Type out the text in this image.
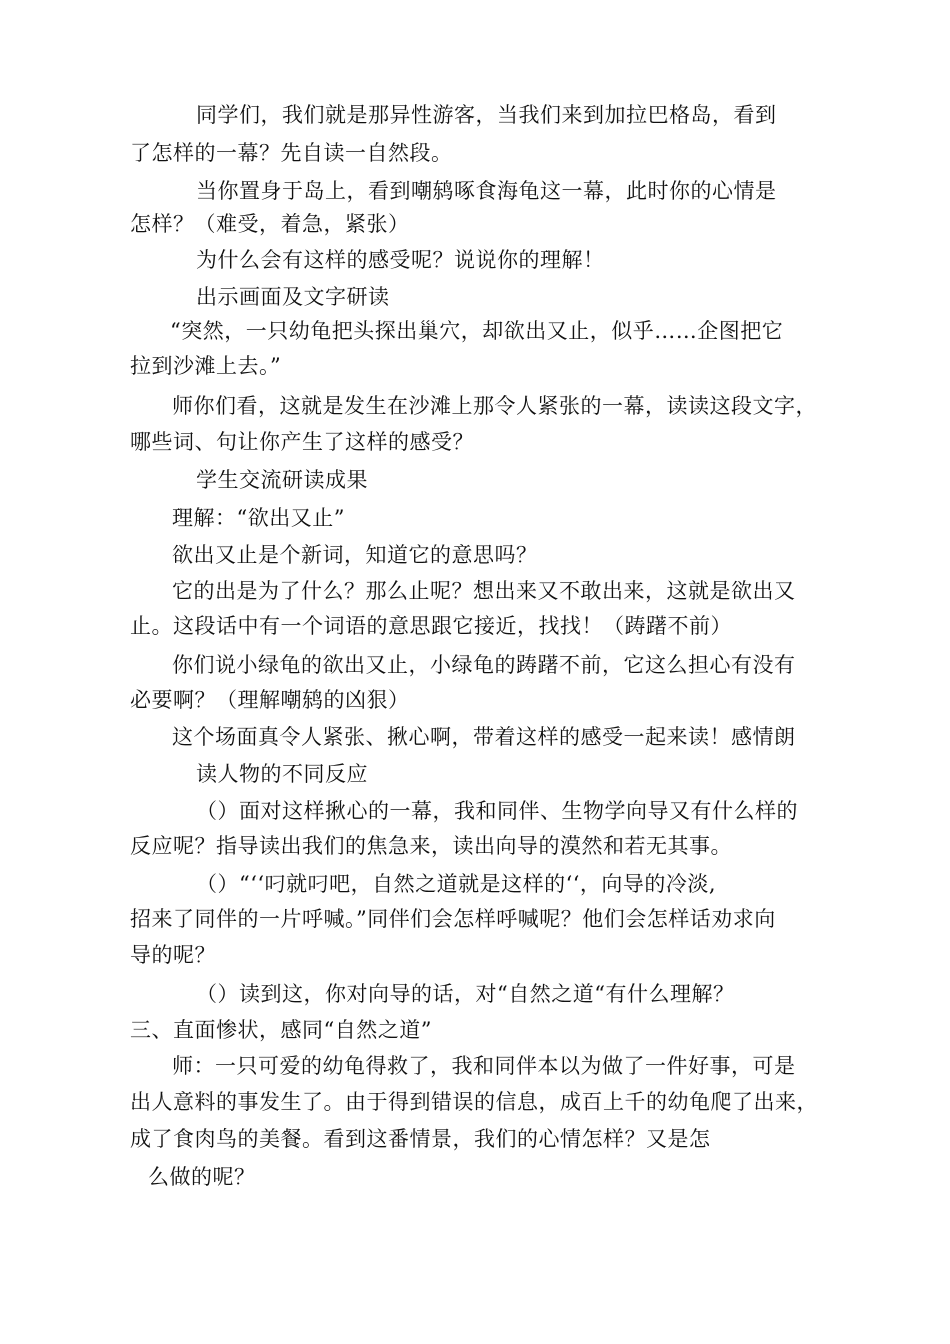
同学们，我们就是那异性游客，当我们来到加拉巴格岛，看到
了怎样的一幕？先自读一自然段。
当你置身于岛上，看到嘲鸫啄食海龟这一幕，此时你的心情是
怎样？（难受，着急，紧张）
为什么会有这样的感受呢？说说你的理解！
出示画面及文字研读
“突然，一只幼龟把头探出巢穴，却欲出又止，似乎……企图把它
拉到沙滩上去。”
师你们看，这就是发生在沙滩上那令人紧张的一幕，读读这段文字，
哪些词、句让你产生了这样的感受？
学生交流研读成果
理解：“欲出又止”
欲出又止是个新词，知道它的意思吗？
它的出是为了什么？那么止呢？想出来又不敢出来，这就是欲出又
止。这段话中有一个词语的意思跟它接近，找找！（踌躇不前）
你们说小绿龟的欲出又止，小绿龟的踌躇不前，它这么担心有没有
必要啊？（理解嘲鸫的凶狠）
这个场面真令人紧张、揪心啊，带着这样的感受一起来读！感情朗
读人物的不同反应
（）面对这样揪心的一幕，我和同伴、生物学向导又有什么样的
反应呢？指导读出我们的焦急来，读出向导的漠然和若无其事。
（）“‘‘叼就叼吧，自然之道就是这样的‘‘，向导的冷淡,
招来了同伴的一片呼喊。”同伴们会怎样呼喊呢？他们会怎样话劝求向
导的呢？
（）读到这，你对向导的话，对“自然之道“有什么理解？
三、直面惨状，感同“自然之道”
师：一只可爱的幼龟得救了，我和同伴本以为做了一件好事，可是
出人意料的事发生了。由于得到错误的信息，成百上千的幼龟爬了出来，
成了食肉鸟的美餐。看到这番情景，我们的心情怎样？又是怎
么做的呢？
